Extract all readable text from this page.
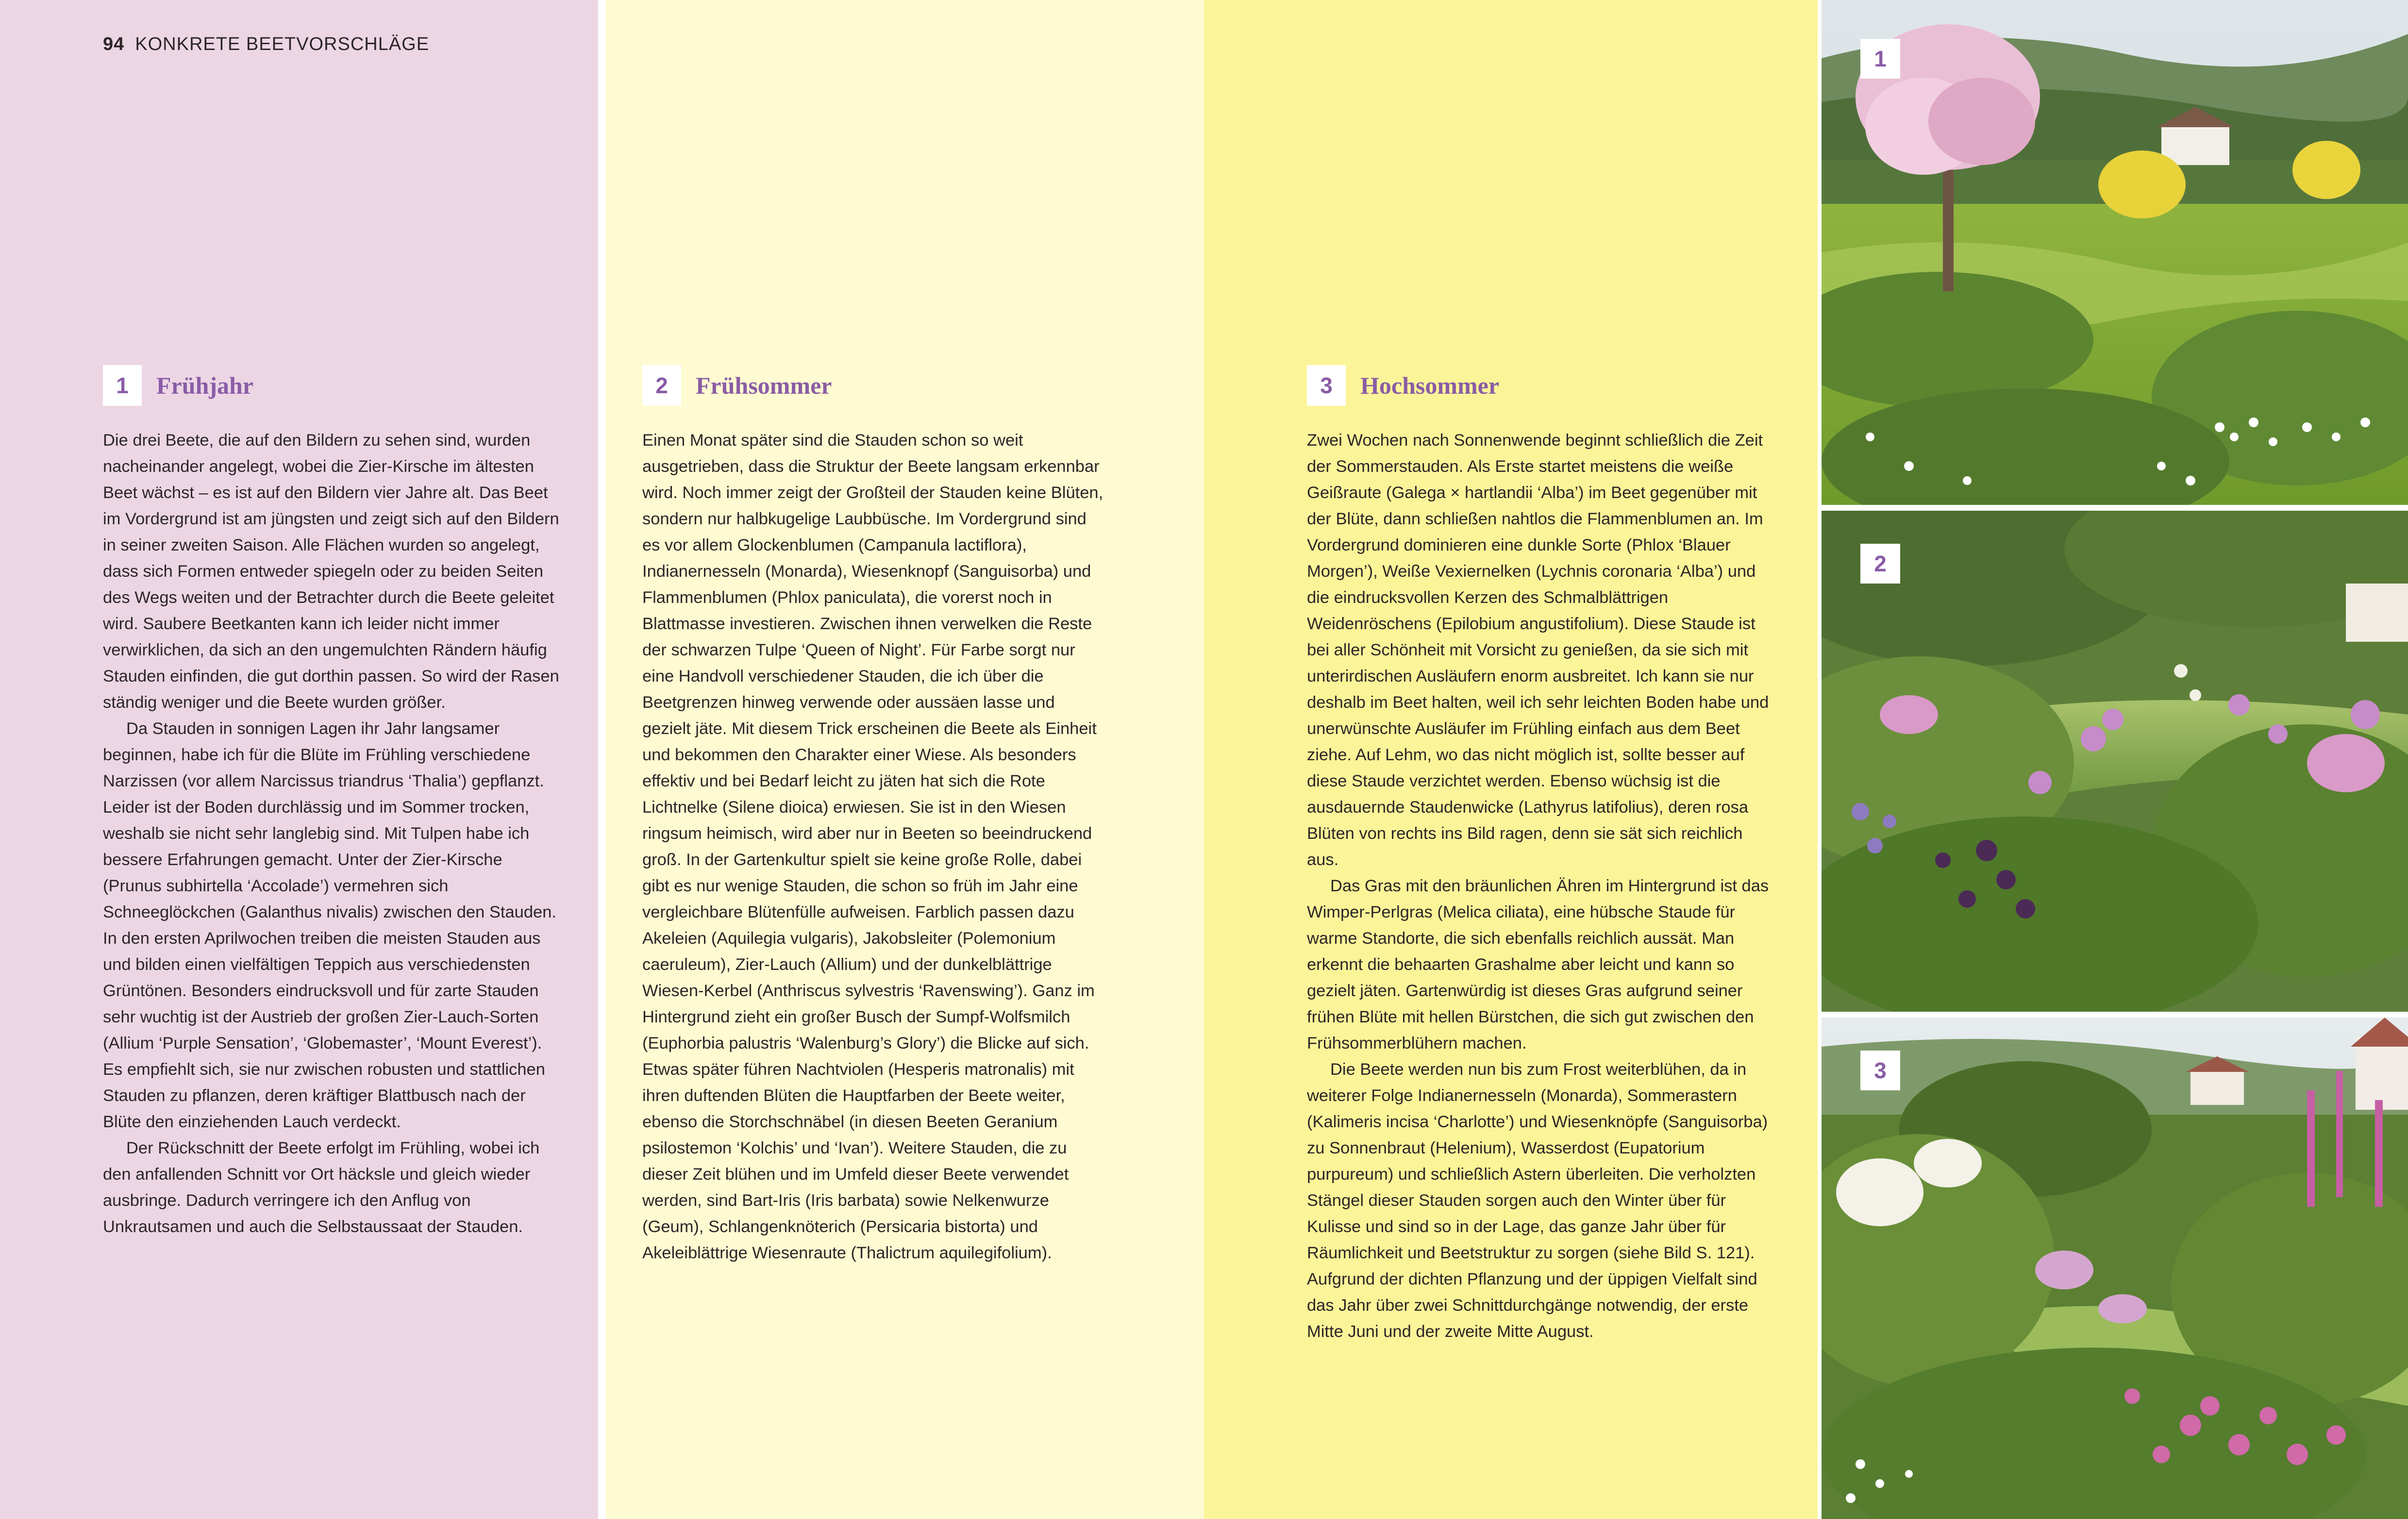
94 KONKRETE BEETVORSCHLÄGE
1	Frühjahr

Die drei Beete, die auf den Bildern zu sehen sind, wurden nacheinander angelegt, wobei die Zier-Kirsche im ältesten Beet wächst – es ist auf den Bildern vier Jahre alt. Das Beet im Vordergrund ist am jüngsten und zeigt sich auf den Bildern in seiner zweiten Saison. Alle Flächen wurden so angelegt, dass sich Formen entweder spiegeln oder zu beiden Seiten des Wegs weiten und der Betrachter durch die Beete geleitet wird. Saubere Beetkanten kann ich leider nicht immer verwirklichen, da sich an den ungemulchten Rändern häufig Stauden einfinden, die gut dorthin passen. So wird der Rasen ständig weniger und die Beete wurden größer.

Da Stauden in sonnigen Lagen ihr Jahr langsamer beginnen, habe ich für die Blüte im Frühling verschiedene Narzissen (vor allem Narcissus triandrus ‘Thalia’) gepflanzt. Leider ist der Boden durchlässig und im Sommer trocken, weshalb sie nicht sehr langlebig sind. Mit Tulpen habe ich bessere Erfahrungen gemacht. Unter der Zier-Kirsche (Prunus subhirtella ‘Accolade’) vermehren sich Schneeglöckchen (Galanthus nivalis) zwischen den Stauden. In den ersten Aprilwochen treiben die meisten Stauden aus und bilden einen vielfältigen Teppich aus verschiedensten Grüntönen. Besonders eindrucksvoll und für zarte Stauden sehr wuchtig ist der Austrieb der großen Zier-Lauch-Sorten (Allium ‘Purple Sensation’, ‘Globemaster’, ‘Mount Everest’). Es empfiehlt sich, sie nur zwischen robusten und stattlichen Stauden zu pflanzen, deren kräftiger Blattbusch nach der Blüte den einziehenden Lauch verdeckt.

Der Rückschnitt der Beete erfolgt im Frühling, wobei ich den anfallenden Schnitt vor Ort häcksle und gleich wieder ausbringe. Dadurch verringere ich den Anflug von Unkrautsamen und auch die Selbstaussaat der Stauden.

2	Frühsommer

Einen Monat später sind die Stauden schon so weit ausgetrieben, dass die Struktur der Beete langsam erkennbar wird. Noch immer zeigt der Großteil der Stauden keine Blüten, sondern nur halbkugelige Laubbüsche. Im Vordergrund sind es vor allem Glockenblumen (Campanula lactiflora), Indianernesseln (Monarda), Wiesenknopf (Sanguisorba) und Flammenblumen (Phlox paniculata), die vorerst noch in Blattmasse investieren. Zwischen ihnen verwelken die Reste der schwarzen Tulpe ‘Queen of Night’. Für Farbe sorgt nur eine Handvoll verschiedener Stauden, die ich über die Beetgrenzen hinweg verwende oder aussäen lasse und gezielt jäte. Mit diesem Trick erscheinen die Beete als Einheit und bekommen den Charakter einer Wiese. Als besonders effektiv und bei Bedarf leicht zu jäten hat sich die Rote Lichtnelke (Silene dioica) erwiesen. Sie ist in den Wiesen ringsum heimisch, wird aber nur in Beeten so beeindruckend groß. In der Gartenkultur spielt sie keine große Rolle, dabei gibt es nur wenige Stauden, die schon so früh im Jahr eine vergleichbare Blütenfülle aufweisen. Farblich passen dazu Akeleien (Aquilegia vulgaris), Jakobsleiter (Polemonium caeruleum), Zier-Lauch (Allium) und der dunkelblättrige Wiesen-Kerbel (Anthriscus sylvestris ‘Ravenswing’). Ganz im Hintergrund zieht ein großer Busch der Sumpf-Wolfsmilch (Euphorbia palustris ‘Walenburg’s Glory’) die Blicke auf sich. Etwas später führen Nachtviolen (Hesperis matronalis) mit ihren duftenden Blüten die Hauptfarben der Beete weiter, ebenso die Storchschnäbel (in diesen Beeten Geranium psilostemon ‘Kolchis’ und ‘Ivan’). Weitere Stauden, die zu dieser Zeit blühen und im Umfeld dieser Beete verwendet werden, sind Bart-Iris (Iris barbata) sowie Nelkenwurze (Geum), Schlangenknöterich (Persicaria bistorta) und Akeleiblättrige Wiesenraute (Thalictrum aquilegifolium).

3	Hochsommer

Zwei Wochen nach Sonnenwende beginnt schließlich die Zeit der Sommerstauden. Als Erste startet meistens die weiße Geißraute (Galega × hartlandii ‘Alba’) im Beet gegenüber mit der Blüte, dann schließen nahtlos die Flammenblumen an. Im Vordergrund dominieren eine dunkle Sorte (Phlox ‘Blauer Morgen’), Weiße Vexiernelken (Lychnis coronaria ‘Alba’) und die eindrucksvollen Kerzen des Schmalblättrigen Weidenröschens (Epilobium angustifolium). Diese Staude ist bei aller Schönheit mit Vorsicht zu genießen, da sie sich mit unterirdischen Ausläufern enorm ausbreitet. Ich kann sie nur deshalb im Beet halten, weil ich sehr leichten Boden habe und unerwünschte Ausläufer im Frühling einfach aus dem Beet ziehe. Auf Lehm, wo das nicht möglich ist, sollte besser auf diese Staude verzichtet werden. Ebenso wüchsig ist die ausdauernde Staudenwicke (Lathyrus latifolius), deren rosa Blüten von rechts ins Bild ragen, denn sie sät sich reichlich aus.

Das Gras mit den bräunlichen Ähren im Hintergrund ist das Wimper-Perlgras (Melica ciliata), eine hübsche Staude für warme Standorte, die sich ebenfalls reichlich aussät. Man erkennt die behaarten Grashalme aber leicht und kann so gezielt jäten. Gartenwürdig ist dieses Gras aufgrund seiner frühen Blüte mit hellen Bürstchen, die sich gut zwischen den Frühsommerblühern machen.

Die Beete werden nun bis zum Frost weiterblühen, da in weiterer Folge Indianernesseln (Monarda), Sommerastern (Kalimeris incisa ‘Charlotte’) und Wiesenknöpfe (Sanguisorba) zu Sonnenbraut (Helenium), Wasserdost (Eupatorium purpureum) und schließlich Astern überleiten. Die verholzten Stängel dieser Stauden sorgen auch den Winter über für Kulisse und sind so in der Lage, das ganze Jahr über für Räumlichkeit und Beetstruktur zu sorgen (siehe Bild S. 121). Aufgrund der dichten Pflanzung und der üppigen Vielfalt sind das Jahr über zwei Schnittdurchgänge notwendig, der erste Mitte Juni und der zweite Mitte August.

1
2
3
